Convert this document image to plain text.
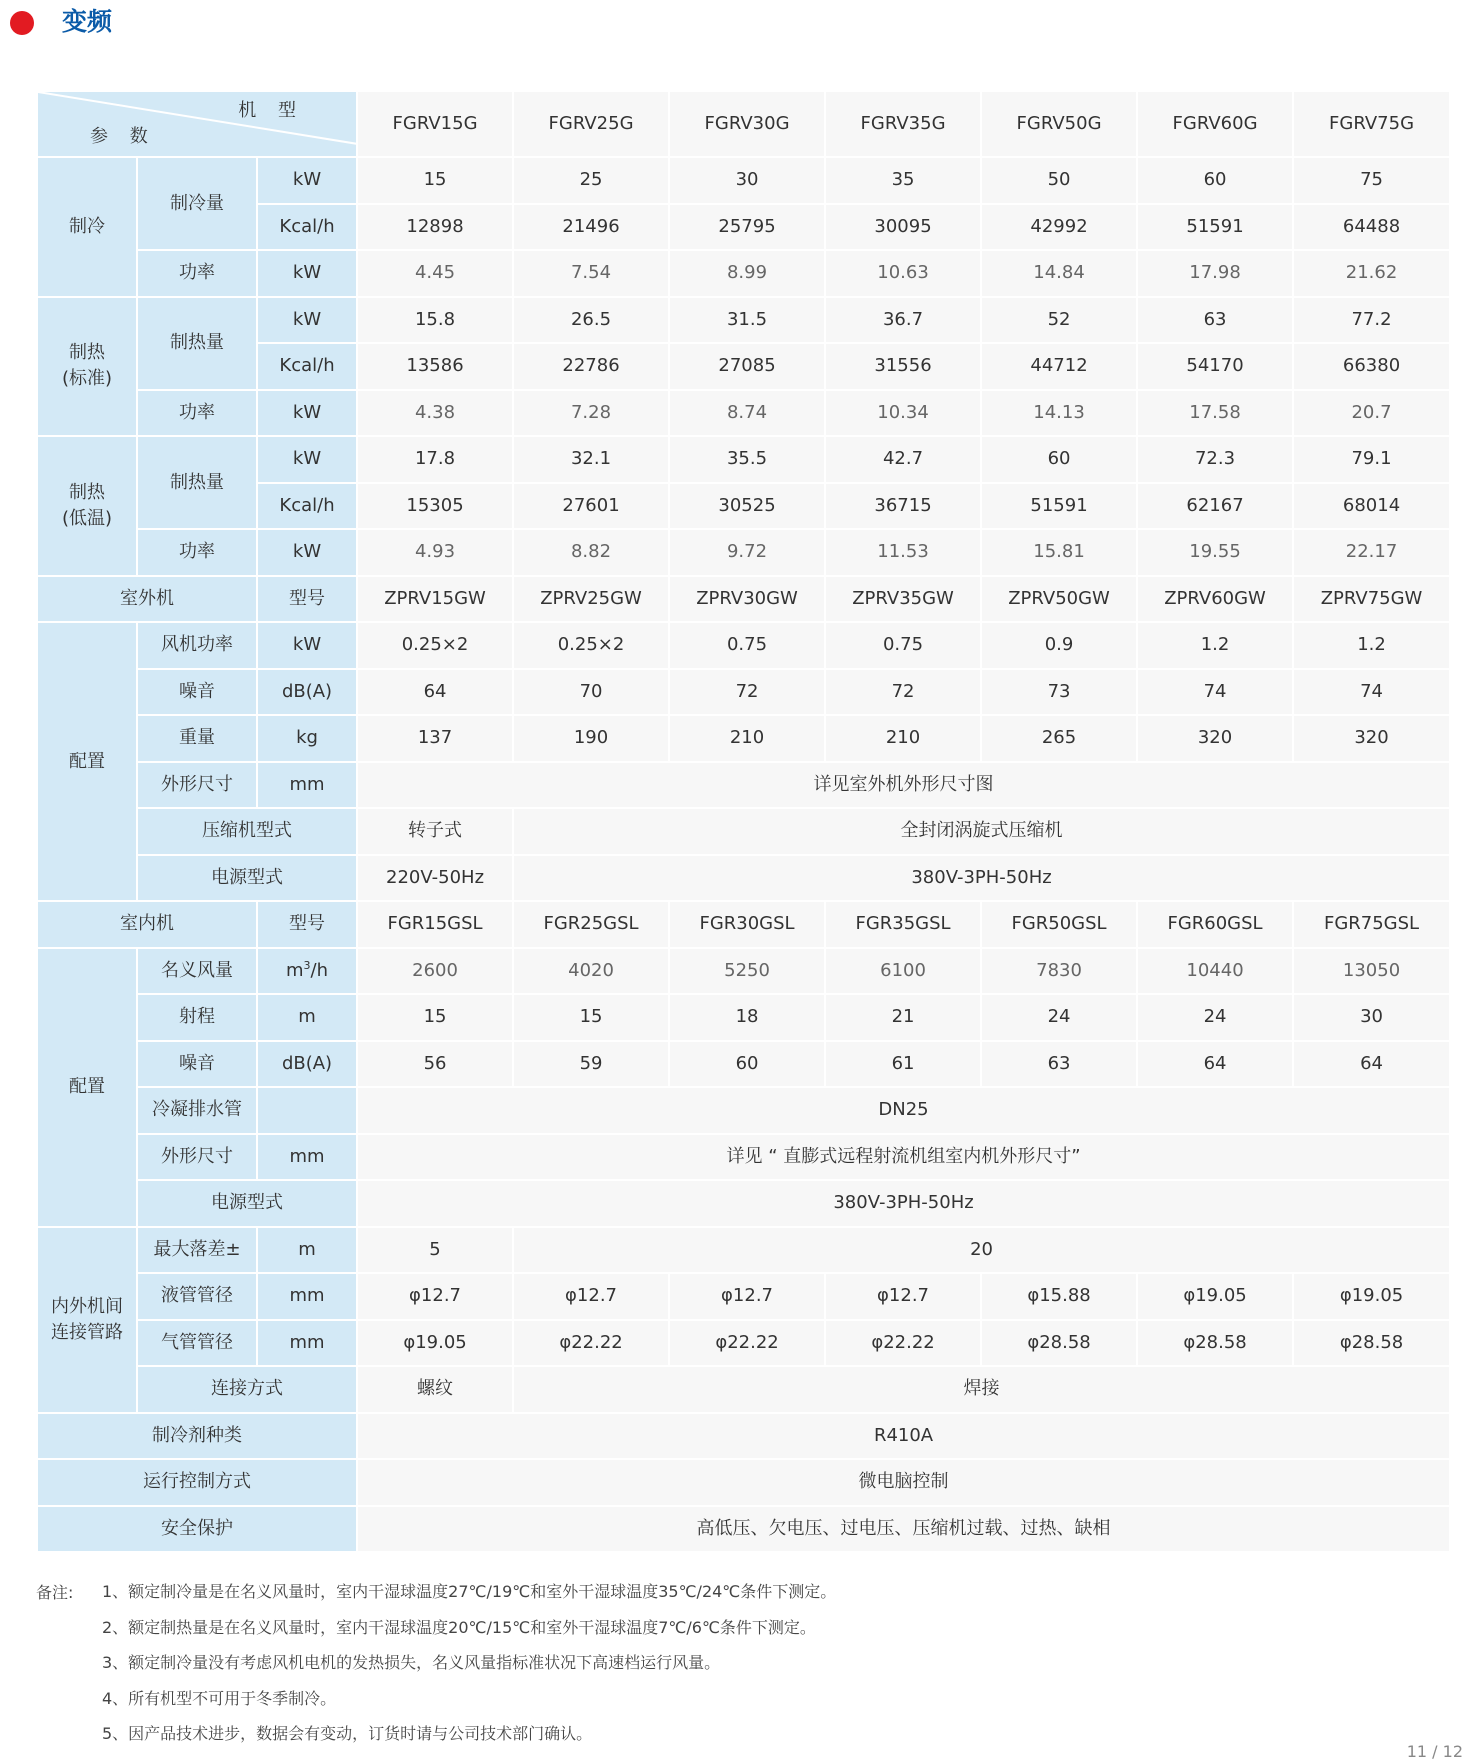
变频
机 型
参 数			FGRV15G	FGRV25G	FGRV30G	FGRV35G	FGRV50G	FGRV60G	FGRV75G
制冷	制冷量	kW	15	25	30	35	50	60	75
		Kcal/h	12898	21496	25795	30095	42992	51591	64488
	功率	kW	4.45	7.54	8.99	10.63	14.84	17.98	21.62
制热
(标准)	制热量	kW	15.8	26.5	31.5	36.7	52	63	77.2
		Kcal/h	13586	22786	27085	31556	44712	54170	66380
	功率	kW	4.38	7.28	8.74	10.34	14.13	17.58	20.7
制热
(低温)	制热量	kW	17.8	32.1	35.5	42.7	60	72.3	79.1
		Kcal/h	15305	27601	30525	36715	51591	62167	68014
	功率	kW	4.93	8.82	9.72	11.53	15.81	19.55	22.17
室外机		型号	ZPRV15GW	ZPRV25GW	ZPRV30GW	ZPRV35GW	ZPRV50GW	ZPRV60GW	ZPRV75GW
配置	风机功率	kW	0.25×2	0.25×2	0.75	0.75	0.9	1.2	1.2
	噪音	dB(A)	64	70	72	72	73	74	74
	重量	kg	137	190	210	210	265	320	320
	外形尺寸	mm	详见室外机外形尺寸图						
	压缩机型式		转子式	全封闭涡旋式压缩机					
	电源型式		220V-50Hz	380V-3PH-50Hz					
室内机		型号	FGR15GSL	FGR25GSL	FGR30GSL	FGR35GSL	FGR50GSL	FGR60GSL	FGR75GSL
配置	名义风量	$m^3/h$	2600	4020	5250	6100	7830	10440	13050
	射程	m	15	15	18	21	24	24	30
	噪音	dB(A)	56	59	60	61	63	64	64
	冷凝排水管		DN25						
	外形尺寸	mm	详见 “ 直膨式远程射流机组室内机外形尺寸”						
	电源型式		380V-3PH-50Hz						
内外机间
连接管路	最大落差±	m	5	20					
	液管管径	mm	φ12.7	φ12.7	φ12.7	φ12.7	φ15.88	φ19.05	φ19.05
	气管管径	mm	φ19.05	φ22.22	φ22.22	φ22.22	φ28.58	φ28.58	φ28.58
	连接方式		螺纹	焊接					
制冷剂种类			R410A						
运行控制方式			微电脑控制						
安全保护			高低压、欠电压、过电压、压缩机过载、过热、缺相						
备注: 1、额定制冷量是在名义风量时，室内干湿球温度27℃/19℃和室外干湿球温度35℃/24℃条件下测定。
2、额定制热量是在名义风量时，室内干湿球温度20℃/15℃和室外干湿球温度7℃/6℃条件下测定。
3、额定制冷量没有考虑风机电机的发热损失，名义风量指标准状况下高速档运行风量。
4、所有机型不可用于冬季制冷。
5、因产品技术进步，数据会有变动，订货时请与公司技术部门确认。
11 / 12
